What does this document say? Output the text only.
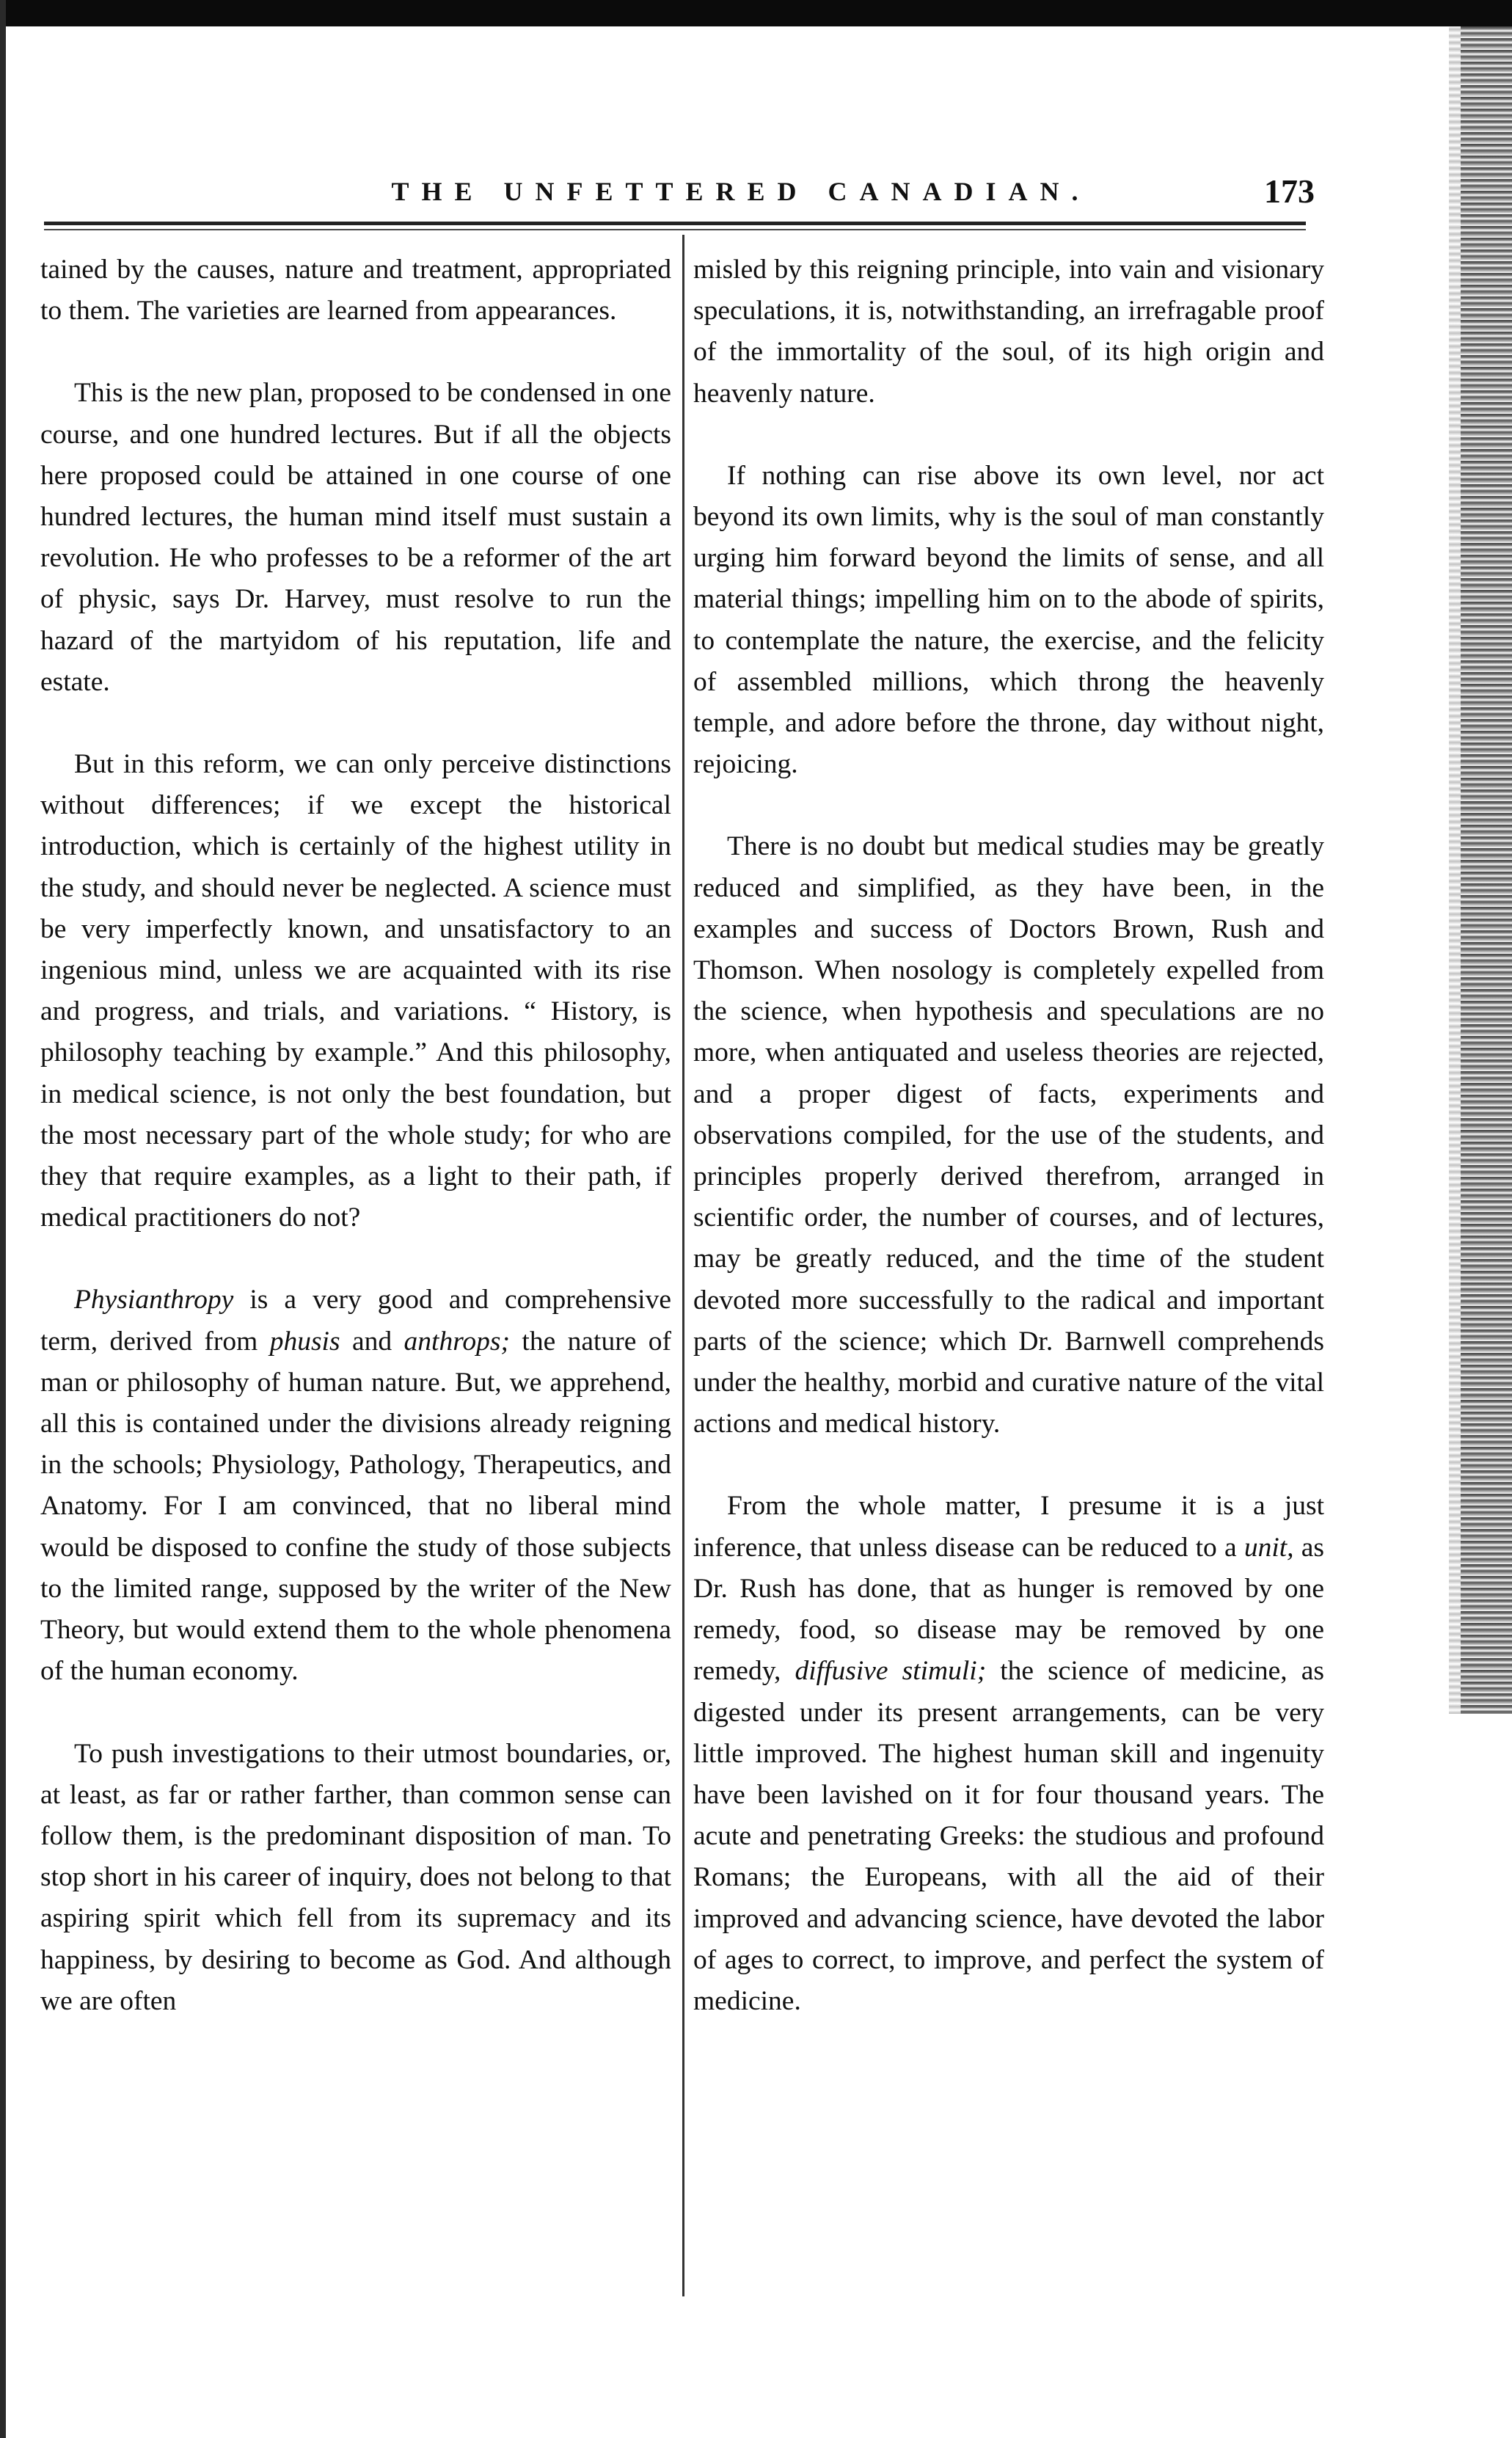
THE UNFETTERED CANADIAN.	173

tained by the causes, nature and treatment, appropriated to them. The varieties are learned from appearances.

This is the new plan, proposed to be condensed in one course, and one hundred lectures. But if all the objects here proposed could be attained in one course of one hundred lectures, the human mind itself must sustain a revolution. He who professes to be a reformer of the art of physic, says Dr. Harvey, must resolve to run the hazard of the martyidom of his reputation, life and estate.

But in this reform, we can only perceive distinctions without differences; if we except the historical introduction, which is certainly of the highest utility in the study, and should never be neglected. A science must be very imperfectly known, and unsatisfactory to an ingenious mind, unless we are acquainted with its rise and progress, and trials, and variations. “ History, is philosophy teaching by example.” And this philosophy, in medical science, is not only the best foundation, but the most necessary part of the whole study; for who are they that require examples, as a light to their path, if medical practitioners do not?

Physianthropy is a very good and comprehensive term, derived from phusis and anthrops; the nature of man or philosophy of human nature. But, we apprehend, all this is contained under the divisions already reigning in the schools; Physiology, Pathology, Therapeutics, and Anatomy. For I am convinced, that no liberal mind would be disposed to confine the study of those subjects to the limited range, supposed by the writer of the New Theory, but would extend them to the whole phenomena of the human economy.

To push investigations to their utmost boundaries, or, at least, as far or rather farther, than common sense can follow them, is the predominant disposition of man. To stop short in his career of inquiry, does not belong to that aspiring spirit which fell from its supremacy and its happiness, by desiring to become as God. And although we are often

misled by this reigning principle, into vain and visionary speculations, it is, notwithstanding, an irrefragable proof of the immortality of the soul, of its high origin and heavenly nature.

If nothing can rise above its own level, nor act beyond its own limits, why is the soul of man constantly urging him forward beyond the limits of sense, and all material things; impelling him on to the abode of spirits, to contemplate the nature, the exercise, and the felicity of assembled millions, which throng the heavenly temple, and adore before the throne, day without night, rejoicing.

There is no doubt but medical studies may be greatly reduced and simplified, as they have been, in the examples and success of Doctors Brown, Rush and Thomson. When nosology is completely expelled from the science, when hypothesis and speculations are no more, when antiquated and useless theories are rejected, and a proper digest of facts, experiments and observations compiled, for the use of the students, and principles properly derived therefrom, arranged in scientific order, the number of courses, and of lectures, may be greatly reduced, and the time of the student devoted more successfully to the radical and important parts of the science; which Dr. Barnwell comprehends under the healthy, morbid and curative nature of the vital actions and medical history.

From the whole matter, I presume it is a just inference, that unless disease can be reduced to a unit, as Dr. Rush has done, that as hunger is removed by one remedy, food, so disease may be removed by one remedy, diffusive stimuli; the science of medicine, as digested under its present arrangements, can be very little improved. The highest human skill and ingenuity have been lavished on it for four thousand years. The acute and penetrating Greeks: the studious and profound Romans; the Europeans, with all the aid of their improved and advancing science, have devoted the labor of ages to correct, to improve, and perfect the system of medicine.
